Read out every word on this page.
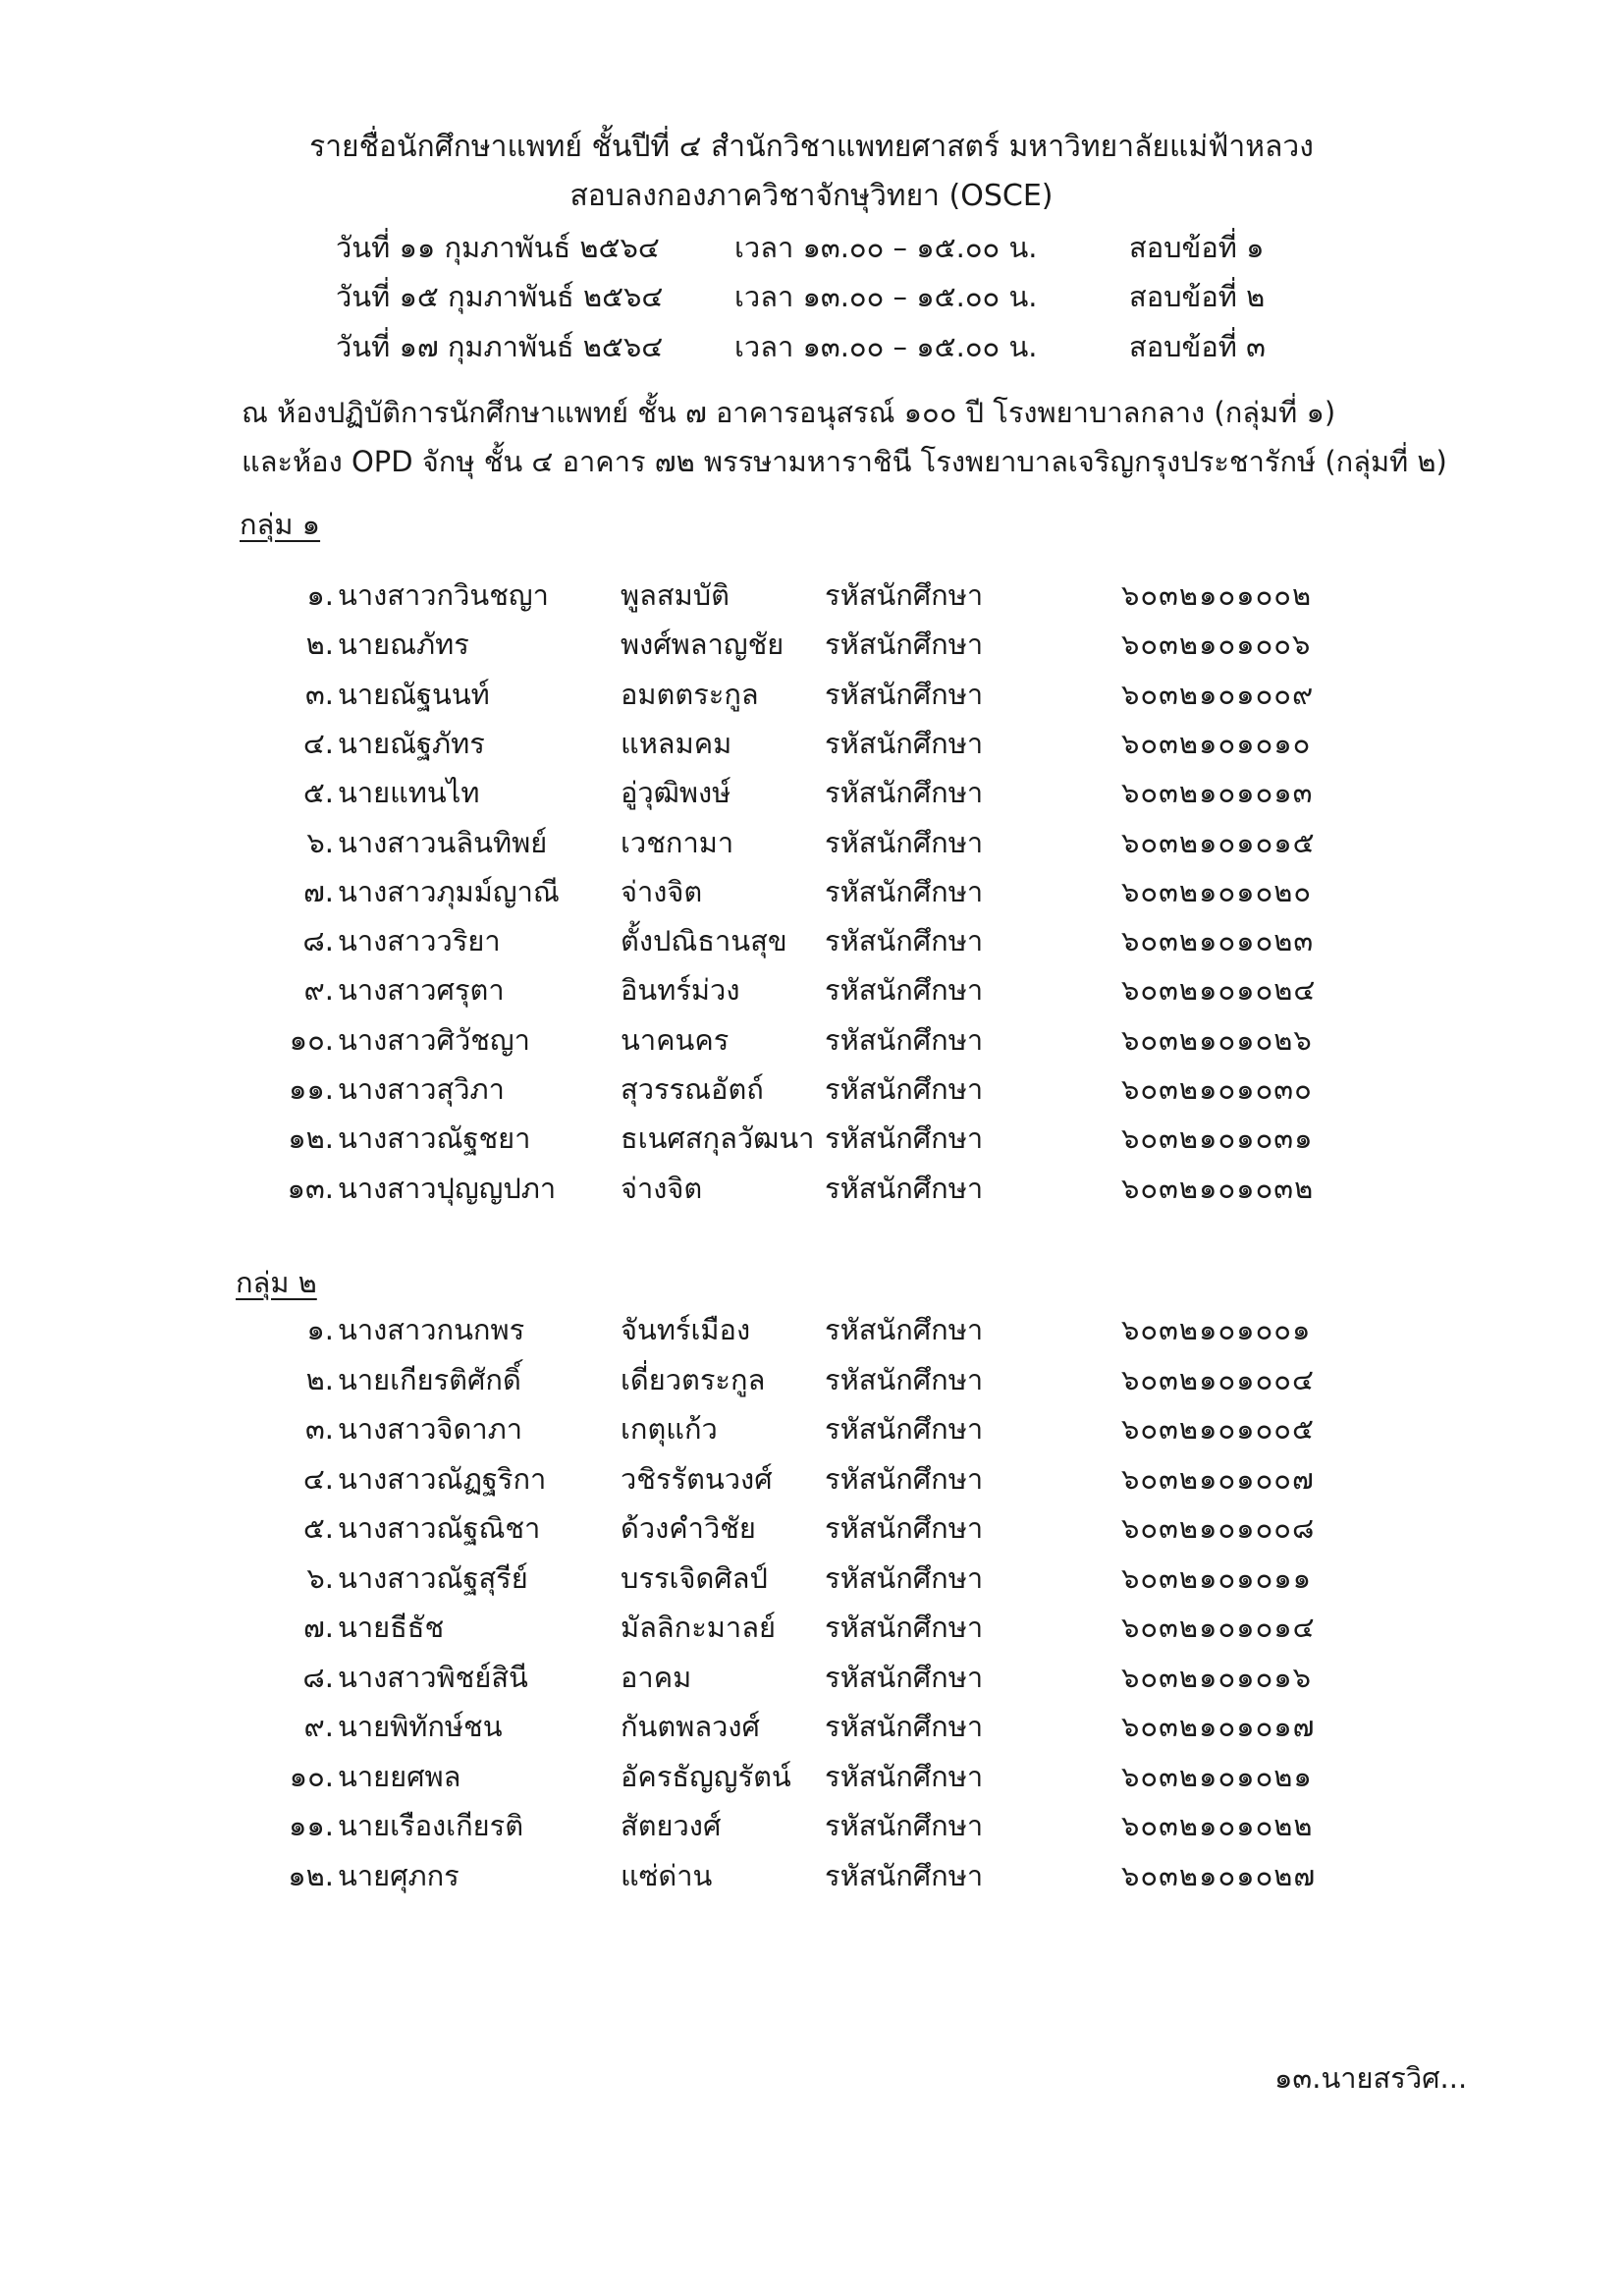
รายชื่อนักศึกษาแพทย์ ชั้นปีที่ ๔ สำนักวิชาแพทยศาสตร์ มหาวิทยาลัยแม่ฟ้าหลวง
สอบลงกองภาควิชาจักษุวิทยา (OSCE)
วันที่ ๑๑ กุมภาพันธ์ ๒๕๖๔	เวลา ๑๓.๐๐ – ๑๕.๐๐ น.	สอบข้อที่ ๑
วันที่ ๑๕ กุมภาพันธ์ ๒๕๖๔	เวลา ๑๓.๐๐ – ๑๕.๐๐ น.	สอบข้อที่ ๒
วันที่ ๑๗ กุมภาพันธ์ ๒๕๖๔	เวลา ๑๓.๐๐ – ๑๕.๐๐ น.	สอบข้อที่ ๓
ณ ห้องปฏิบัติการนักศึกษาแพทย์ ชั้น ๗ อาคารอนุสรณ์ ๑๐๐ ปี โรงพยาบาลกลาง (กลุ่มที่ ๑)
และห้อง OPD จักษุ ชั้น ๔ อาคาร ๗๒ พรรษามหาราชินี โรงพยาบาลเจริญกรุงประชารักษ์ (กลุ่มที่ ๒)
กลุ่ม ๑
๑. นางสาวกวินชญา	พูลสมบัติ	รหัสนักศึกษา	๖๐๓๒๑๐๑๐๐๒
๒. นายณภัทร	พงศ์พลาญชัย รหัสนักศึกษา	๖๐๓๒๑๐๑๐๐๖
๓. นายณัฐนนท์	อมตตระกูล รหัสนักศึกษา	๖๐๓๒๑๐๑๐๐๙
๔. นายณัฐภัทร	แหลมคม	รหัสนักศึกษา	๖๐๓๒๑๐๑๐๑๐
๕. นายแทนไท	อู่วุฒิพงษ์	รหัสนักศึกษา	๖๐๓๒๑๐๑๐๑๓
๖. นางสาวนลินทิพย์	เวชกามา	รหัสนักศึกษา	๖๐๓๒๑๐๑๐๑๕
๗. นางสาวภุมม์ญาณี จ่างจิต	รหัสนักศึกษา	๖๐๓๒๑๐๑๐๒๐
๘. นางสาววริยา	ตั้งปณิธานสุข รหัสนักศึกษา	๖๐๓๒๑๐๑๐๒๓
๙. นางสาวศรุตา	อินทร์ม่วง	รหัสนักศึกษา	๖๐๓๒๑๐๑๐๒๔
๑๐. นางสาวศิวัชญา	นาคนคร	รหัสนักศึกษา	๖๐๓๒๑๐๑๐๒๖
๑๑. นางสาวสุวิภา	สุวรรณอัตถ์ รหัสนักศึกษา	๖๐๓๒๑๐๑๐๓๐
๑๒. นางสาวณัฐชยา	ธเนศสกุลวัฒนา รหัสนักศึกษา	๖๐๓๒๑๐๑๐๓๑
๑๓. นางสาวปุญญปภา จ่างจิต	รหัสนักศึกษา	๖๐๓๒๑๐๑๐๓๒
กลุ่ม ๒
๑. นางสาวกนกพร	จันทร์เมือง	รหัสนักศึกษา	๖๐๓๒๑๐๑๐๐๑
๒. นายเกียรติศักดิ์	เดี่ยวตระกูล รหัสนักศึกษา	๖๐๓๒๑๐๑๐๐๔
๓. นางสาวจิดาภา	เกตุแก้ว	รหัสนักศึกษา	๖๐๓๒๑๐๑๐๐๕
๔. นางสาวณัฏฐริกา	วชิรรัตนวงศ์ รหัสนักศึกษา	๖๐๓๒๑๐๑๐๐๗
๕. นางสาวณัฐณิชา	ด้วงคำวิชัย รหัสนักศึกษา	๖๐๓๒๑๐๑๐๐๘
๖. นางสาวณัฐสุรีย์	บรรเจิดศิลป์ รหัสนักศึกษา	๖๐๓๒๑๐๑๐๑๑
๗. นายธีธัช	มัลลิกะมาลย์ รหัสนักศึกษา	๖๐๓๒๑๐๑๐๑๔
๘. นางสาวพิชย์สินี	อาคม	รหัสนักศึกษา	๖๐๓๒๑๐๑๐๑๖
๙. นายพิทักษ์ชน	กันตพลวงศ์ รหัสนักศึกษา	๖๐๓๒๑๐๑๐๑๗
๑๐. นายยศพล	อัครธัญญรัตน์ รหัสนักศึกษา	๖๐๓๒๑๐๑๐๒๑
๑๑. นายเรืองเกียรติ	สัตยวงศ์	รหัสนักศึกษา	๖๐๓๒๑๐๑๐๒๒
๑๒. นายศุภกร	แซ่ด่าน	รหัสนักศึกษา	๖๐๓๒๑๐๑๐๒๗
๑๓.นายสรวิศ...
